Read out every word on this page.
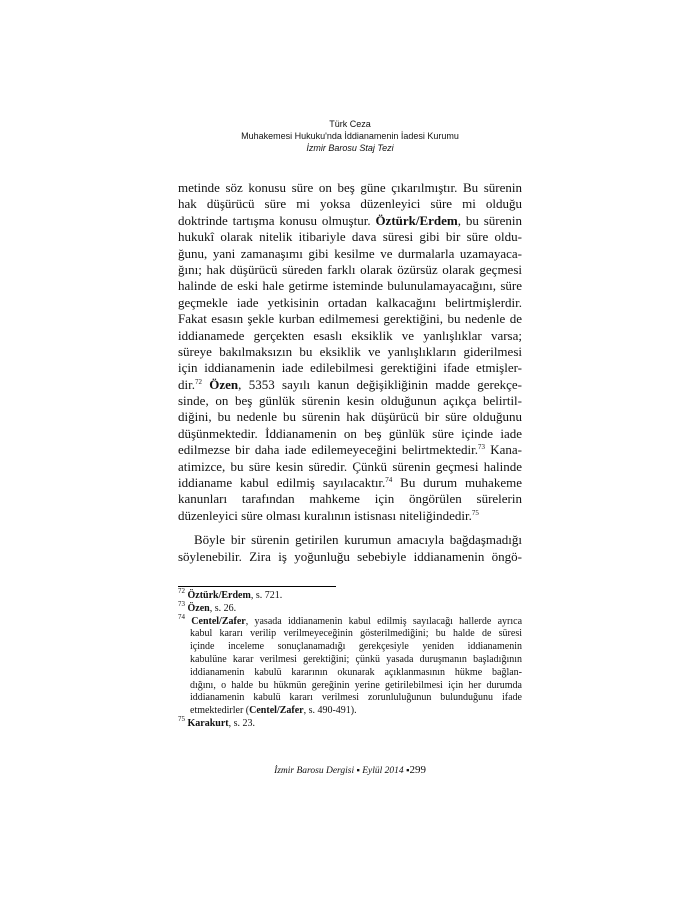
Türk Ceza
Muhakemesi Hukuku'nda İddianamenin İadesi Kurumu
İzmir Barosu Staj Tezi
metinde söz konusu süre on beş güne çıkarılmıştır. Bu sürenin
hak düşürücü süre mi yoksa düzenleyici süre mi olduğu
doktrinde tartışma konusu olmuştur. Öztürk/Erdem, bu sürenin
hukukî olarak nitelik itibariyle dava süresi gibi bir süre oldu-
ğunu, yani zamanaşımı gibi kesilme ve durmalarla uzamayaca-
ğını; hak düşürücü süreden farklı olarak özürsüz olarak geçmesi
halinde de eski hale getirme isteminde bulunulamayacağını, süre
geçmekle iade yetkisinin ortadan kalkacağını belirtmişlerdir.
Fakat esasın şekle kurban edilmemesi gerektiğini, bu nedenle de
iddianamede gerçekten esaslı eksiklik ve yanlışlıklar varsa;
süreye bakılmaksızın bu eksiklik ve yanlışlıkların giderilmesi
için iddianamenin iade edilebilmesi gerektiğini ifade etmişler-
dir.$^{72}$ Özen, 5353 sayılı kanun değişikliğinin madde gerekçe-
sinde, on beş günlük sürenin kesin olduğunun açıkça belirtil-
diğini, bu nedenle bu sürenin hak düşürücü bir süre olduğunu
düşünmektedir. İddianamenin on beş günlük süre içinde iade
edilmezse bir daha iade edilemeyeceğini belirtmektedir.$^{73}$ Kana-
atimizce, bu süre kesin süredir. Çünkü sürenin geçmesi halinde
iddianame kabul edilmiş sayılacaktır.$^{74}$ Bu durum muhakeme
kanunları tarafından mahkeme için öngörülen sürelerin
düzenleyici süre olması kuralının istisnası niteliğindedir.$^{75}$
Böyle bir sürenin getirilen kurumun amacıyla bağdaşmadığı
söylenebilir. Zira iş yoğunluğu sebebiyle iddianamenin öngö-
$^{72}$ Öztürk/Erdem, s. 721.
$^{73}$ Özen, s. 26.
$^{74}$ Centel/Zafer, yasada iddianamenin kabul edilmiş sayılacağı hallerde ayrıca
kabul kararı verilip verilmeyeceğinin gösterilmediğini; bu halde de süresi
içinde inceleme sonuçlanamadığı gerekçesiyle yeniden iddianamenin
kabulüne karar verilmesi gerektiğini; çünkü yasada duruşmanın başladığının
iddianamenin kabulü kararının okunarak açıklanmasının hükme bağlan-
dığını, o halde bu hükmün gereğinin yerine getirilebilmesi için her durumda
iddianamenin kabulü kararı verilmesi zorunluluğunun bulunduğunu ifade
etmektedirler (Centel/Zafer, s. 490-491).
$^{75}$ Karakurt, s. 23.
İzmir Barosu Dergisi ▪ Eylül 2014 ▪299
